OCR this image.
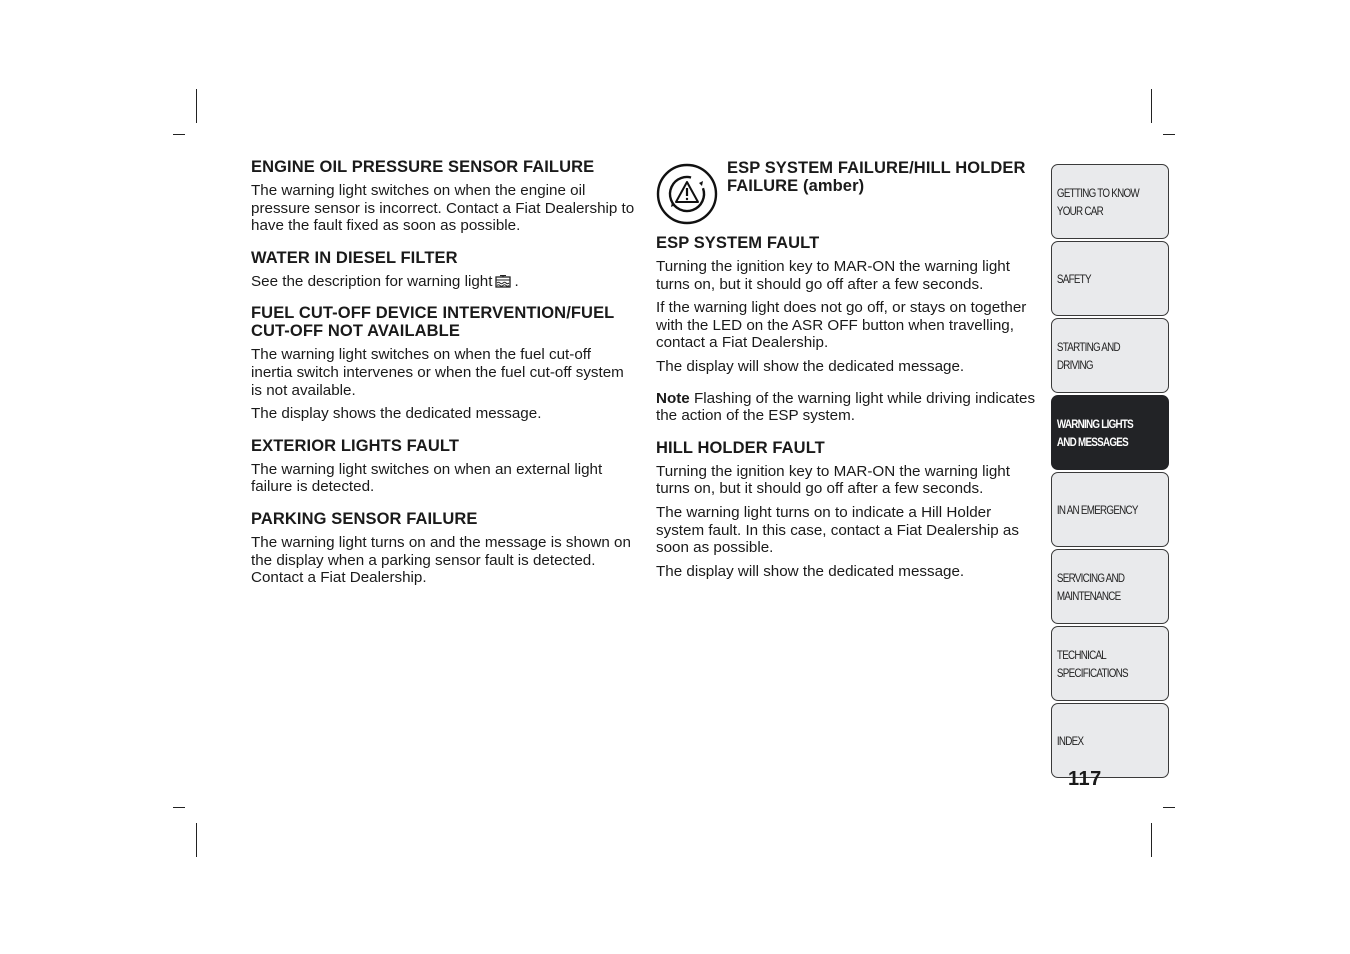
ENGINE OIL PRESSURE SENSOR FAILURE

The warning light switches on when the engine oil pressure sensor is incorrect. Contact a Fiat Dealership to have the fault fixed as soon as possible.

WATER IN DIESEL FILTER

See the description for warning light .

FUEL CUT-OFF DEVICE INTERVENTION/FUEL CUT-OFF NOT AVAILABLE

The warning light switches on when the fuel cut-off inertia switch intervenes or when the fuel cut-off system is not available.

The display shows the dedicated message.

EXTERIOR LIGHTS FAULT

The warning light switches on when an external light failure is detected.

PARKING SENSOR FAILURE

The warning light turns on and the message is shown on the display when a parking sensor fault is detected. Contact a Fiat Dealership.

ESP SYSTEM FAILURE/HILL HOLDER FAILURE (amber)
ESP SYSTEM FAULT

Turning the ignition key to MAR-ON the warning light turns on, but it should go off after a few seconds.

If the warning light does not go off, or stays on together with the LED on the ASR OFF button when travelling, contact a Fiat Dealership.

The display will show the dedicated message.

Note Flashing of the warning light while driving indicates the action of the ESP system.

HILL HOLDER FAULT

Turning the ignition key to MAR-ON the warning light turns on, but it should go off after a few seconds.

The warning light turns on to indicate a Hill Holder system fault. In this case, contact a Fiat Dealership as soon as possible.

The display will show the dedicated message.

GETTING TO KNOW
YOUR CAR
SAFETY
STARTING AND
DRIVING
WARNING LIGHTS
AND MESSAGES
IN AN EMERGENCY
SERVICING AND
MAINTENANCE
TECHNICAL
SPECIFICATIONS
INDEX
117
